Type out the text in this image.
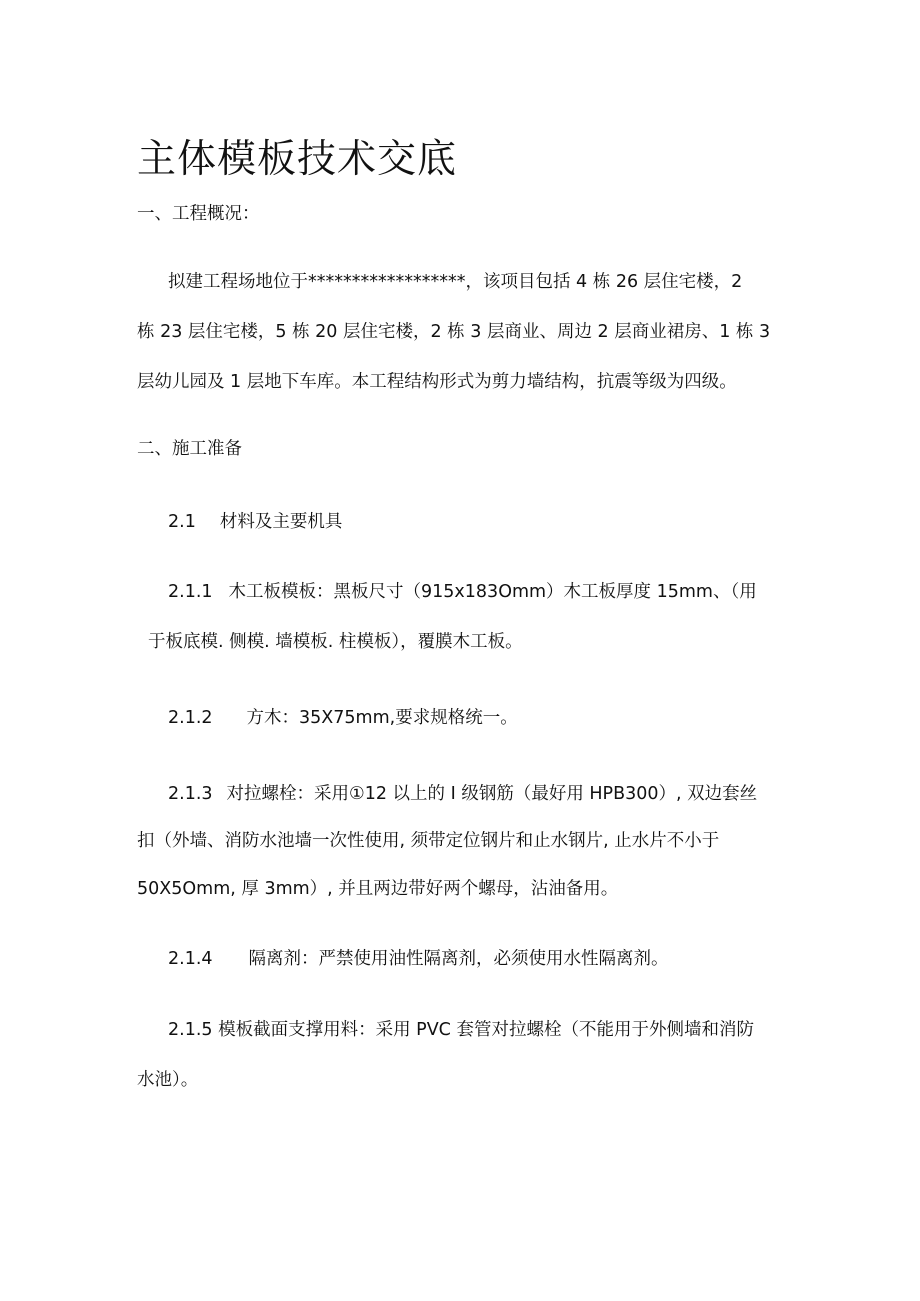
主体模板技术交底

一、工程概况：

拟建工程场地位于******************，该项目包括 4 栋 26 层住宅楼，2

栋 23 层住宅楼，5 栋 20 层住宅楼，2 栋 3 层商业、周边 2 层商业裙房、1 栋 3

层幼儿园及 1 层地下车库。本工程结构形式为剪力墙结构，抗震等级为四级。

二、施工准备

2.1 材料及主要机具

2.1.1 木工板模板：黑板尺寸（915x183Omm）木工板厚度 15mm、（用

于板底模. 侧模. 墙模板. 柱模板），覆膜木工板。

2.1.2 方木：35X75mm,要求规格统一。

2.1.3 对拉螺栓：采用①12 以上的 I 级钢筋（最好用 HPB300）, 双边套丝

扣（外墙、消防水池墙一次性使用, 须带定位钢片和止水钢片, 止水片不小于

50X5Omm, 厚 3mm）, 并且两边带好两个螺母，沾油备用。

2.1.4 隔离剂：严禁使用油性隔离剂，必须使用水性隔离剂。

2.1.5 模板截面支撑用料：采用 PVC 套管对拉螺栓（不能用于外侧墙和消防

水池）。
